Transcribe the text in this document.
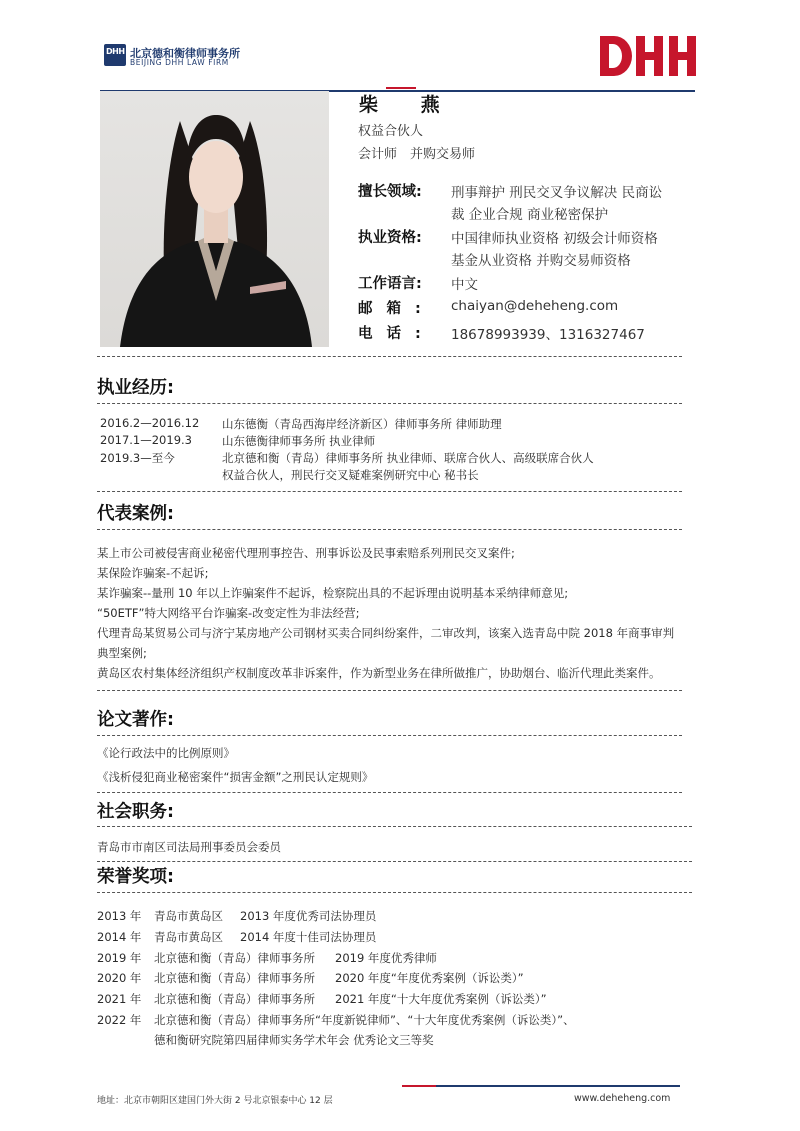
DHH 北京德和衡律师事务所
BEIJING DHH LAW FIRM
柴 燕
权益合伙人
会计师　并购交易师
擅长领域: 刑事辩护 刑民交叉争议解决 民商讼
裁 企业合规 商业秘密保护
执业资格: 中国律师执业资格 初级会计师资格
基金从业资格 并购交易师资格
工作语言: 中文
邮箱: chaiyan@deheheng.com
电话: 18678993939、1316327467
执业经历:
2016.2—2016.12 山东德衡（青岛西海岸经济新区）律师事务所 律师助理
2017.1—2019.3	山东德衡律师事务所 执业律师
2019.3—至今	北京德和衡（青岛）律师事务所 执业律师、联席合伙人、高级联席合伙人
权益合伙人，刑民行交叉疑难案例研究中心 秘书长
代表案例:
某上市公司被侵害商业秘密代理刑事控告、刑事诉讼及民事索赔系列刑民交叉案件;
某保险诈骗案-不起诉;
某诈骗案--量刑 10 年以上诈骗案件不起诉，检察院出具的不起诉理由说明基本采纳律师意见;
“50ETF”特大网络平台诈骗案-改变定性为非法经营;
代理青岛某贸易公司与济宁某房地产公司钢材买卖合同纠纷案件，二审改判，该案入选青岛中院 2018 年商事审判
典型案例;
黄岛区农村集体经济组织产权制度改革非诉案件，作为新型业务在律所做推广，协助烟台、临沂代理此类案件。
论文著作:
《论行政法中的比例原则》
《浅析侵犯商业秘密案件“损害金额”之刑民认定规则》
社会职务:
青岛市市南区司法局刑事委员会委员
荣誉奖项:
2013 年 青岛市黄岛区 2013 年度优秀司法协理员
2014 年 青岛市黄岛区 2014 年度十佳司法协理员
2019 年 北京德和衡（青岛）律师事务所 2019 年度优秀律师
2020 年 北京德和衡（青岛）律师事务所 2020 年度“年度优秀案例（诉讼类）”
2021 年 北京德和衡（青岛）律师事务所 2021 年度“十大年度优秀案例（诉讼类）”
2022 年 北京德和衡（青岛）律师事务所“年度新锐律师”、“十大年度优秀案例（诉讼类）”、
德和衡研究院第四届律师实务学术年会 优秀论文三等奖
地址：北京市朝阳区建国门外大街 2 号北京银泰中心 12 层	www.deheheng.com
